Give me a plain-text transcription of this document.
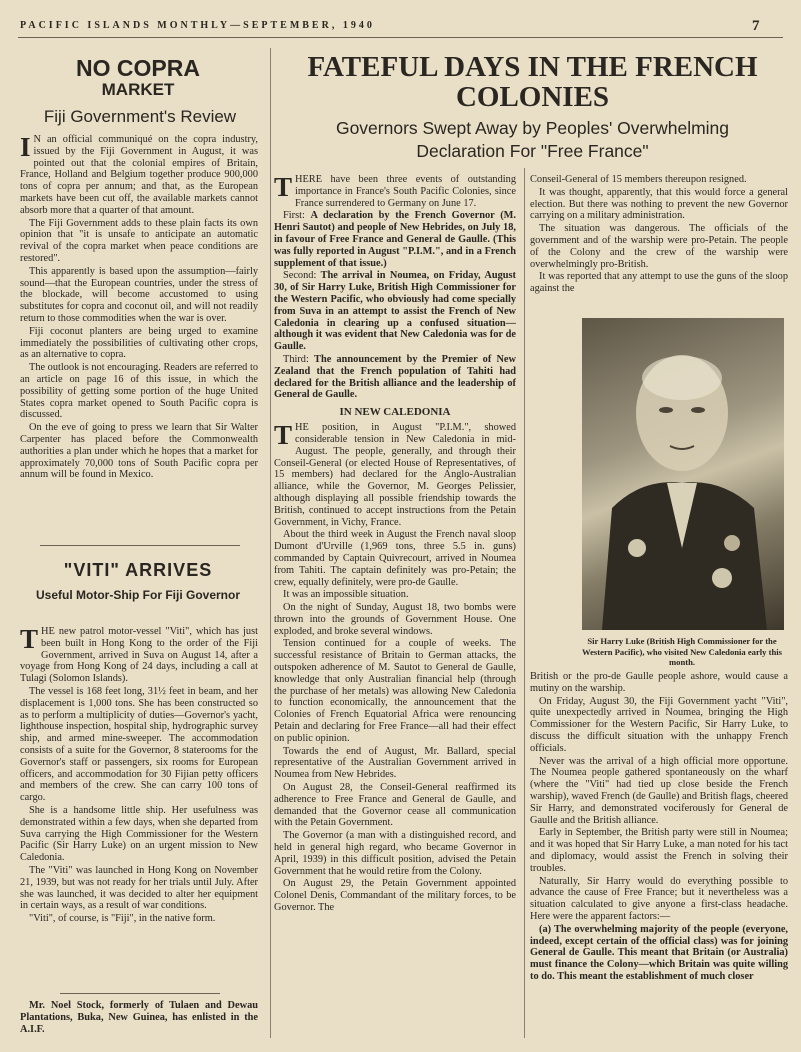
PACIFIC ISLANDS MONTHLY—SEPTEMBER, 1940	7
NO COPRA
MARKET
Fiji Government's Review

I N an official communiqué on the copra industry, issued by the Fiji Government in August, it was pointed out that the colonial empires of Britain, France, Holland and Belgium together produce 900,000 tons of copra per annum; and that, as the European markets have been cut off, the available markets cannot absorb more that a quarter of that amount.

The Fiji Government adds to these plain facts its own opinion that "it is unsafe to anticipate an automatic revival of the copra market when peace conditions are restored".

This apparently is based upon the assumption—fairly sound—that the European countries, under the stress of the blockade, will become accustomed to using substitutes for copra and coconut oil, and will not readily return to those commodities when the war is over.

Fiji coconut planters are being urged to examine immediately the possibilities of cultivating other crops, as an alternative to copra.

The outlook is not encouraging. Readers are referred to an article on page 16 of this issue, in which the possibility of getting some portion of the huge United States copra market opened to South Pacific copra is discussed.

On the eve of going to press we learn that Sir Walter Carpenter has placed before the Commonwealth authorities a plan under which he hopes that a market for approximately 70,000 tons of South Pacific copra per annum will be found in Mexico.

"VITI" ARRIVES
Useful Motor-Ship For Fiji Governor

THE new patrol motor-vessel "Viti", which has just been built in Hong Kong to the order of the Fiji Government, arrived in Suva on August 14, after a voyage from Hong Kong of 24 days, including a call at Tulagi (Solomon Islands).

The vessel is 168 feet long, 31½ feet in beam, and her displacement is 1,000 tons. She has been constructed so as to perform a multiplicity of duties—Governor's yacht, lighthouse inspection, hospital ship, hydrographic survey ship, and armed mine-sweeper. The accommodation consists of a suite for the Governor, 8 staterooms for the Governor's staff or passengers, six rooms for European officers, and accommodation for 30 Fijian petty officers and members of the crew. She can carry 100 tons of cargo.

She is a handsome little ship. Her usefulness was demonstrated within a few days, when she departed from Suva carrying the High Commissioner for the Western Pacific (Sir Harry Luke) on an urgent mission to New Caledonia.

The "Viti" was launched in Hong Kong on November 21, 1939, but was not ready for her trials until July. After she was launched, it was decided to alter her equipment in certain ways, as a result of war conditions.

"Viti", of course, is "Fiji", in the native form.

Mr. Noel Stock, formerly of Tulaen and Dewau Plantations, Buka, New Guinea, has enlisted in the A.I.F.

FATEFUL DAYS IN THE FRENCH
COLONIES
Governors Swept Away by Peoples' Overwhelming
Declaration For "Free France"

THERE have been three events of outstanding importance in France's South Pacific Colonies, since France surrendered to Germany on June 17.

First: A declaration by the French Governor (M. Henri Sautot) and people of New Hebrides, on July 18, in favour of Free France and General de Gaulle. (This was fully reported in August "P.I.M.", and in a French supplement of that issue.)

Second: The arrival in Noumea, on Friday, August 30, of Sir Harry Luke, British High Commissioner for the Western Pacific, who obviously had come specially from Suva in an attempt to assist the French of New Caledonia in clearing up a confused situation—although it was evident that New Caledonia was for de Gaulle.

Third: The announcement by the Premier of New Zealand that the French population of Tahiti had declared for the British alliance and the leadership of General de Gaulle.

IN NEW CALEDONIA

THE position, in August "P.I.M.", showed considerable tension in New Caledonia in mid-August. The people, generally, and through their Conseil-General (or elected House of Representatives, of 15 members) had declared for the Anglo-Australian alliance, while the Governor, M. Georges Pelissier, although displaying all possible friendship towards the British, continued to accept instructions from the Petain Government, in Vichy, France.

About the third week in August the French naval sloop Dumont d'Urville (1,969 tons, three 5.5 in. guns) commanded by Captain Quivrecourt, arrived in Noumea from Tahiti. The captain definitely was pro-Petain; the crew, equally definitely, were pro-de Gaulle.

It was an impossible situation.

On the night of Sunday, August 18, two bombs were thrown into the grounds of Government House. One exploded, and broke several windows.

Tension continued for a couple of weeks. The successful resistance of Britain to German attacks, the outspoken adherence of M. Sautot to General de Gaulle, knowledge that only Australian financial help (through the purchase of her metals) was allowing New Caledonia to function economically, the announcement that the Colonies of French Equatorial Africa were renouncing Petain and declaring for Free France—all had their effect on public opinion.

Towards the end of August, Mr. Ballard, special representative of the Australian Government arrived in Noumea from New Hebrides.

On August 28, the Conseil-General reaffirmed its adherence to Free France and General de Gaulle, and demanded that the Governor cease all communication with the Petain Government.

The Governor (a man with a distinguished record, and held in general high regard, who became Governor in April, 1939) in this difficult position, advised the Petain Government that he would retire from the Colony.

On August 29, the Petain Government appointed Colonel Denis, Commandant of the military forces, to be Governor. The

Conseil-General of 15 members thereupon resigned.

It was thought, apparently, that this would force a general election. But there was nothing to prevent the new Governor carrying on a military administration.

The situation was dangerous. The officials of the government and of the warship were pro-Petain. The people of the Colony and the crew of the warship were overwhelmingly pro-British.

It was reported that any attempt to use the guns of the sloop against the

Sir Harry Luke (British High Commissioner for the Western Pacific), who visited New Caledonia early this month.

British or the pro-de Gaulle people ashore, would cause a mutiny on the warship.

On Friday, August 30, the Fiji Government yacht "Viti", quite unexpectedly arrived in Noumea, bringing the High Commissioner for the Western Pacific, Sir Harry Luke, to discuss the difficult situation with the unhappy French officials.

Never was the arrival of a high official more opportune. The Noumea people gathered spontaneously on the wharf (where the "Viti" had tied up close beside the French warship), waved French (de Gaulle) and British flags, cheered Sir Harry, and demonstrated vociferously for General de Gaulle and the British alliance.

Early in September, the British party were still in Noumea; and it was hoped that Sir Harry Luke, a man noted for his tact and diplomacy, would assist the French in solving their troubles.

Naturally, Sir Harry would do everything possible to advance the cause of Free France; but it nevertheless was a situation calculated to give anyone a first-class headache. Here were the apparent factors:—

(a) The overwhelming majority of the people (everyone, indeed, except certain of the official class) was for joining General de Gaulle. This meant that Britain (or Australia) must finance the Colony—which Britain was quite willing to do. This meant the establishment of much closer
